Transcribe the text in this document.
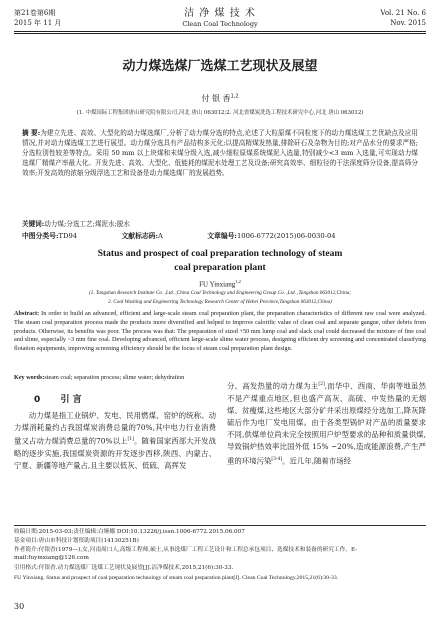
第21卷第6期
2015 年 11 月
洁 净 煤 技 术
Clean Coal Technology
Vol. 21 No. 6
Nov. 2015
动力煤选煤厂选煤工艺现状及展望
付 银 香$^{1,2}$
(1. 中煤国际工程集团唐山研究院有限公司,河北 唐山 063012;2. 河北省煤炭洗选工程技术研究中心,河北 唐山 063012)
摘 要:为建立先进、高效、大型化的动力煤选煤厂,分析了动力煤分选的特点,论述了大粒原煤不同粒度下的动力煤选煤工艺优缺点及应用情况,并对动力煤选煤工艺进行展望。动力煤分选具有产品结构多元化;以提高精煤发热量,排除矸石及杂物为目的;对产品水分的要求严格;分选粒别性较差等特点。采用 50 mm 以上块煤和末煤分级入选,减少细粒原煤系统煤泥入选量,特别减少<3 mm 入选量,可实现动力煤选煤厂精煤产率最大化。开发先进、高效、大型化、低能耗的煤泥水处理工艺及设备;研究高效率、细粒径的干法深度筛分设备,提高筛分效率;开发高效的浓缩分级浮选工艺和设备是动力煤选煤厂的发展趋势。
关键词:动力煤;分选工艺;煤泥水;脱水
中图分类号:TD94	文献标志码:A	文章编号:1006-6772(2015)06-0030-04
Status and prospect of coal preparation technology of steam
coal preparation plant
FU Yinxiang$^{1,2}$
(1. Tangshan Research Institute Co. ,Ltd. ,China Coal Technology and Engineering Group Co. ,Ltd. ,Tangshan 063012,China;
2. Coal Washing and Engineering Technology Research Center of Hebei Province,Tangshan 063012,China)
Abstract: In order to build an advanced, efficient and large-scale steam coal preparation plant, the preparation characteristics of different raw coal were analyzed. The steam coal preparation process made the products more diversified and helped to improve calorific value of clean coal and separate gangue, other debris from products. Otherwise, its benefits was poor. The process was that: The preparation of sized +50 mm lump coal and slack coal could decreased the mixture of fine coal and slime, especially ~3 mm fine coal. Developing advanced, efficient large-scale slime water process, designing efficient dry screening and concentrated classifying flotation equipments, improving screening efficiency should be the focus of steam coal preparation plant design.
Key words:steam coal; separation process; slime water; dehydration
0 引 言

动力煤是指工业锅炉、发电、民用燃煤、窑炉的统称。动力煤消耗量约占我国煤炭消费总量的70%,其中电力行业消费量又占动力煤消费总量的70%以上[1]。随着国家西部大开发战略的逐步实施,我国煤炭资源的开发逐步西移,陕西、内蒙古、宁夏、新疆等地产量占,且主要以低灰、低硫、高挥发

分、高发热量的动力煤为主[2],而华中、西南、华南等地虽然不是产煤重点地区,但也盛产高灰、高硫、中发热量的无烟煤、贫瘦煤,这些地区大部分矿井采出原煤经分选加工,降灰降硫后作为电厂发电用煤。由于各类型锅炉对产品的质量要求不同,供煤单位尚未完全按照用户炉型要求的品种和质量供煤,导致锅炉热效率比国外低 15% ~20%,造成能源浪费,产生严重的环境污染[3-4]。近几年,随着市场经

收稿日期:2015-03-03;责任编辑:白娅娜 DOI:10.13226/j.issn.1006-6772.2015.06.007
基金项目:唐山市科技计划资助项目(14130251B)
作者简介:付银香(1979—),女,河南周口人,高级工程师,硕士,从事选煤厂工程工艺设计和工程总承包项目、选煤技术和装备的研究工作。E-mail:fuyinxiang@126.com
引用格式:付银香.动力煤选煤厂选煤工艺现状及展望[J].洁净煤技术,2015,21(6):30-33.
FU Yinxiang. Status and prospect of coal preparation technology of steam coal preparation plant[J]. Clean Coal Technology,2015,21(6):30-33.
30
